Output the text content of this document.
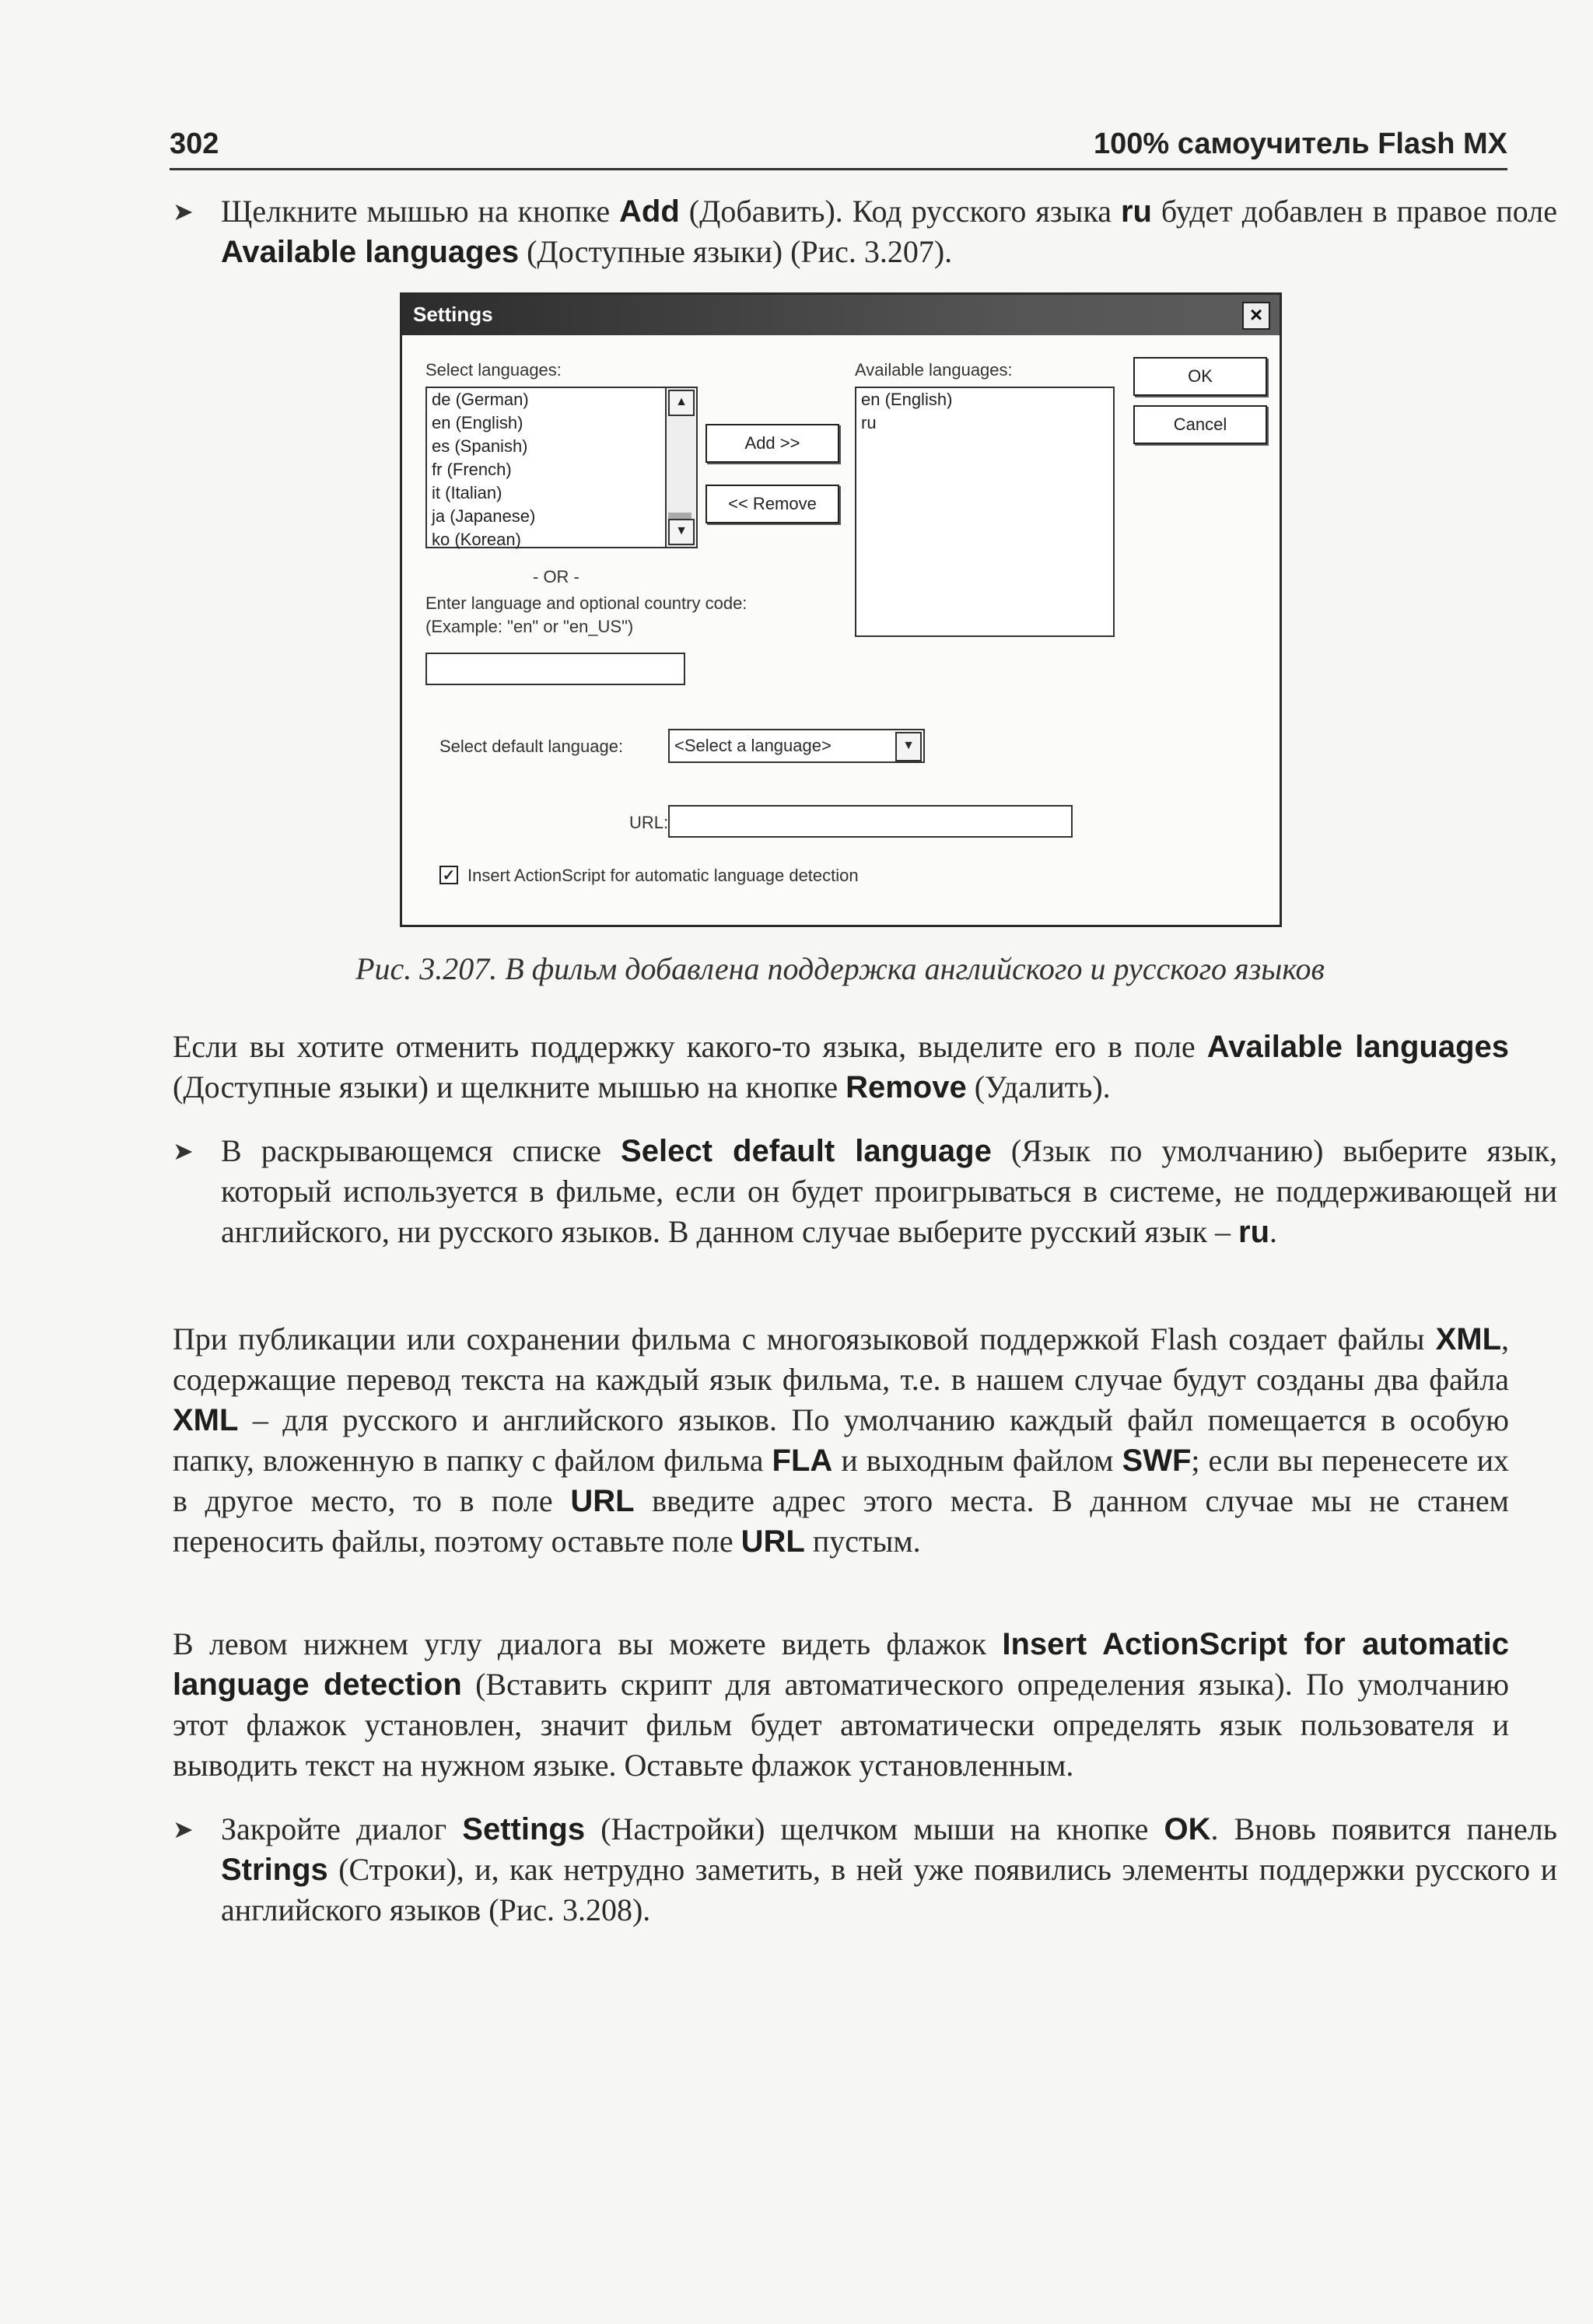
302	100% самоучитель Flash MX
➤ Щелкните мышью на кнопке Add (Добавить). Код русского языка ru будет добавлен в правое поле Available languages (Доступные языки) (Рис. 3.207).
Settings	×
Select languages:
de (German)
en (English)
es (Spanish)
fr (French)
it (Italian)
ja (Japanese)
ko (Korean)
▲
▼
Add >>
<< Remove
Available languages:
en (English)
ru
OK
Cancel
- OR -
Enter language and optional country code:
(Example: "en" or "en_US")
Select default language:	<Select a language>	▼
URL:
✓ Insert ActionScript for automatic language detection
Рис. 3.207. В фильм добавлена поддержка английского и русского языков
Если вы хотите отменить поддержку какого-то языка, выделите его в поле Available languages (Доступные языки) и щелкните мышью на кнопке Remove (Удалить).
➤ В раскрывающемся списке Select default language (Язык по умолчанию) выберите язык, который используется в фильме, если он будет проигрываться в системе, не поддерживающей ни английского, ни русского языков. В данном случае выберите русский язык – ru.
При публикации или сохранении фильма с многоязыковой поддержкой Flash создает файлы XML, содержащие перевод текста на каждый язык фильма, т.е. в нашем случае будут созданы два файла XML – для русского и английского языков. По умолчанию каждый файл помещается в особую папку, вложенную в папку с файлом фильма FLA и выходным файлом SWF; если вы перенесете их в другое место, то в поле URL введите адрес этого места. В данном случае мы не станем переносить файлы, поэтому оставьте поле URL пустым.
В левом нижнем углу диалога вы можете видеть флажок Insert ActionScript for automatic language detection (Вставить скрипт для автоматического определения языка). По умолчанию этот флажок установлен, значит фильм будет автоматически определять язык пользователя и выводить текст на нужном языке. Оставьте флажок установленным.
➤ Закройте диалог Settings (Настройки) щелчком мыши на кнопке OK. Вновь появится панель Strings (Строки), и, как нетрудно заметить, в ней уже появились элементы поддержки русского и английского языков (Рис. 3.208).
